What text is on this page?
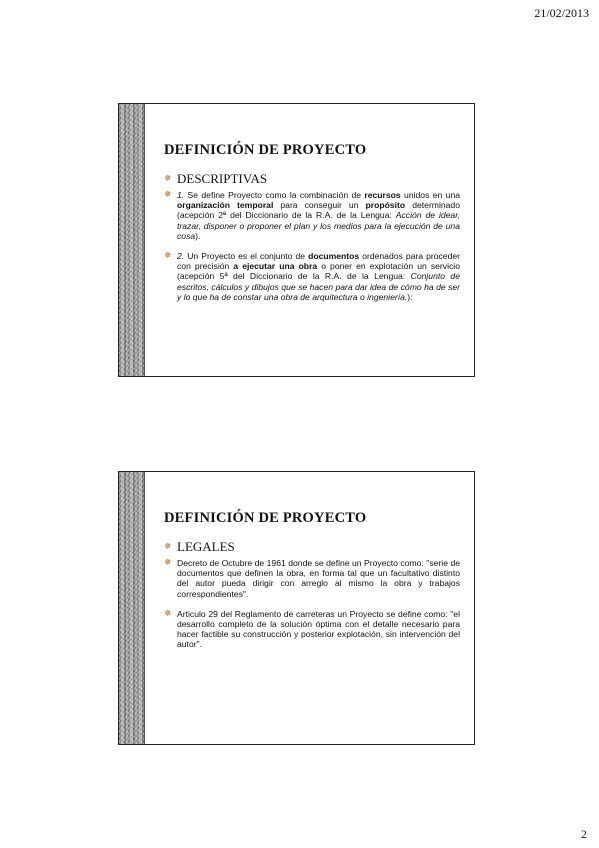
21/02/2013
DEFINICIÓN DE PROYECTO
✵ DESCRIPTIVAS
✵ 1. Se define Proyecto como la combinación de recursos unidos en una organización temporal para conseguir un propósito determinado (acepción 2ª del Diccionario de la R.A. de la Lengua: Acción de idear, trazar, disponer o proponer el plan y los medios para la ejecución de una cosa).
✵ 2. Un Proyecto es el conjunto de documentos ordenados para proceder con precisión a ejecutar una obra o poner en explotación un servicio (acepción 5ª del Diccionario de la R.A. de la Lengua: Conjunto de escritos, cálculos y dibujos que se hacen para dar idea de cómo ha de ser y lo que ha de constar una obra de arquitectura o ingeniería.):
DEFINICIÓN DE PROYECTO
✵ LEGALES
✵ Decreto de Octubre de 1961 donde se define un Proyecto como: "serie de documentos que definen la obra, en forma tal que un facultativo distinto del autor pueda dirigir con arreglo al mismo la obra y trabajos correspondientes".
✵ Articulo 29 del Reglamento de carreteras un Proyecto se define como: "el desarrollo completo de la solución óptima con el detalle necesario para hacer factible su construcción y posterior explotación, sin intervención del autor".
2
